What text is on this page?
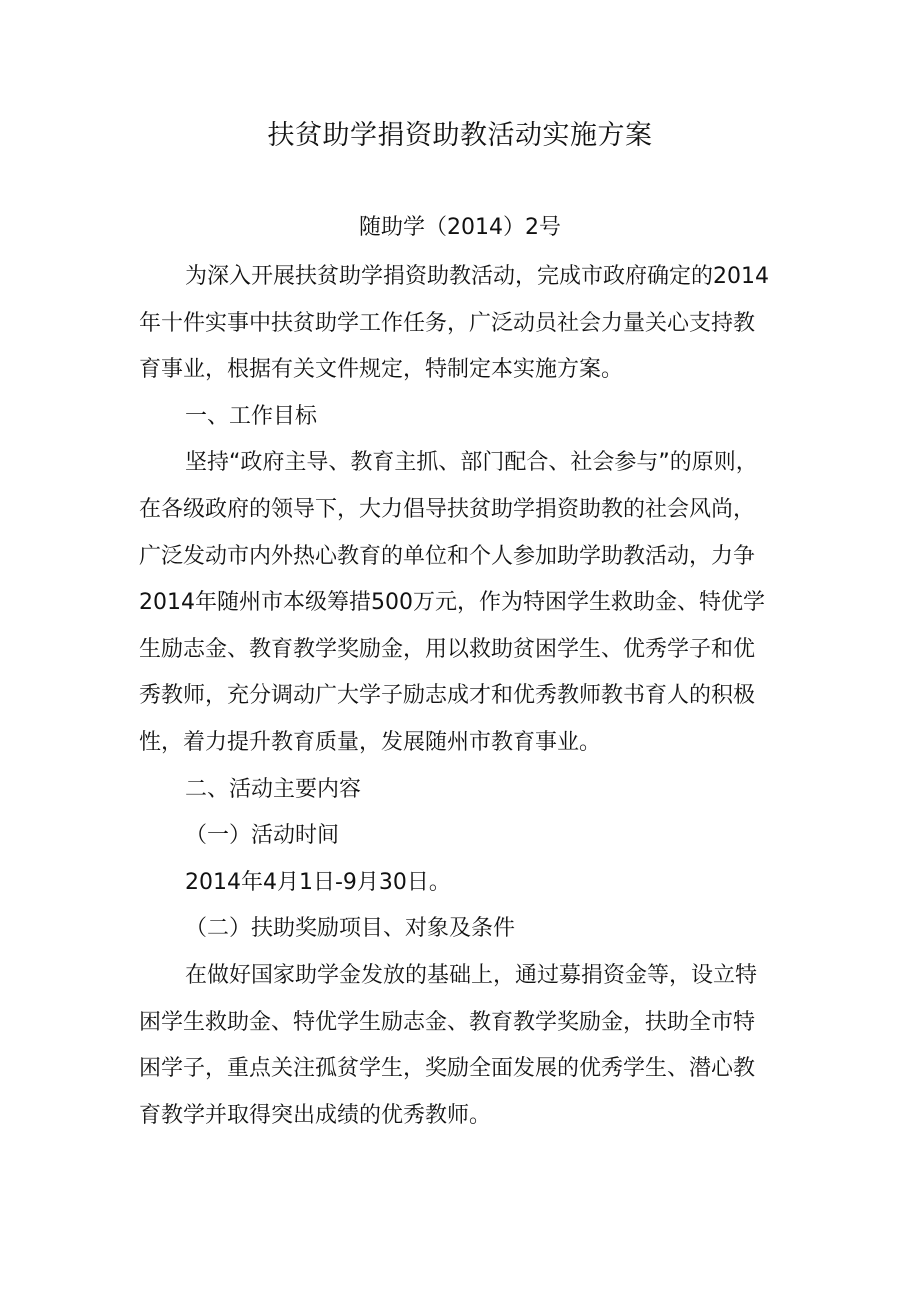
扶贫助学捐资助教活动实施方案
随助学（2014）2号
为深入开展扶贫助学捐资助教活动，完成市政府确定的2014
年十件实事中扶贫助学工作任务，广泛动员社会力量关心支持教
育事业，根据有关文件规定，特制定本实施方案。
一、工作目标
坚持“政府主导、教育主抓、部门配合、社会参与”的原则，
在各级政府的领导下，大力倡导扶贫助学捐资助教的社会风尚，
广泛发动市内外热心教育的单位和个人参加助学助教活动，力争
2014年随州市本级筹措500万元，作为特困学生救助金、特优学
生励志金、教育教学奖励金，用以救助贫困学生、优秀学子和优
秀教师，充分调动广大学子励志成才和优秀教师教书育人的积极
性，着力提升教育质量，发展随州市教育事业。
二、活动主要内容
（一）活动时间
2014年4月1日-9月30日。
（二）扶助奖励项目、对象及条件
在做好国家助学金发放的基础上，通过募捐资金等，设立特
困学生救助金、特优学生励志金、教育教学奖励金，扶助全市特
困学子，重点关注孤贫学生，奖励全面发展的优秀学生、潜心教
育教学并取得突出成绩的优秀教师。
